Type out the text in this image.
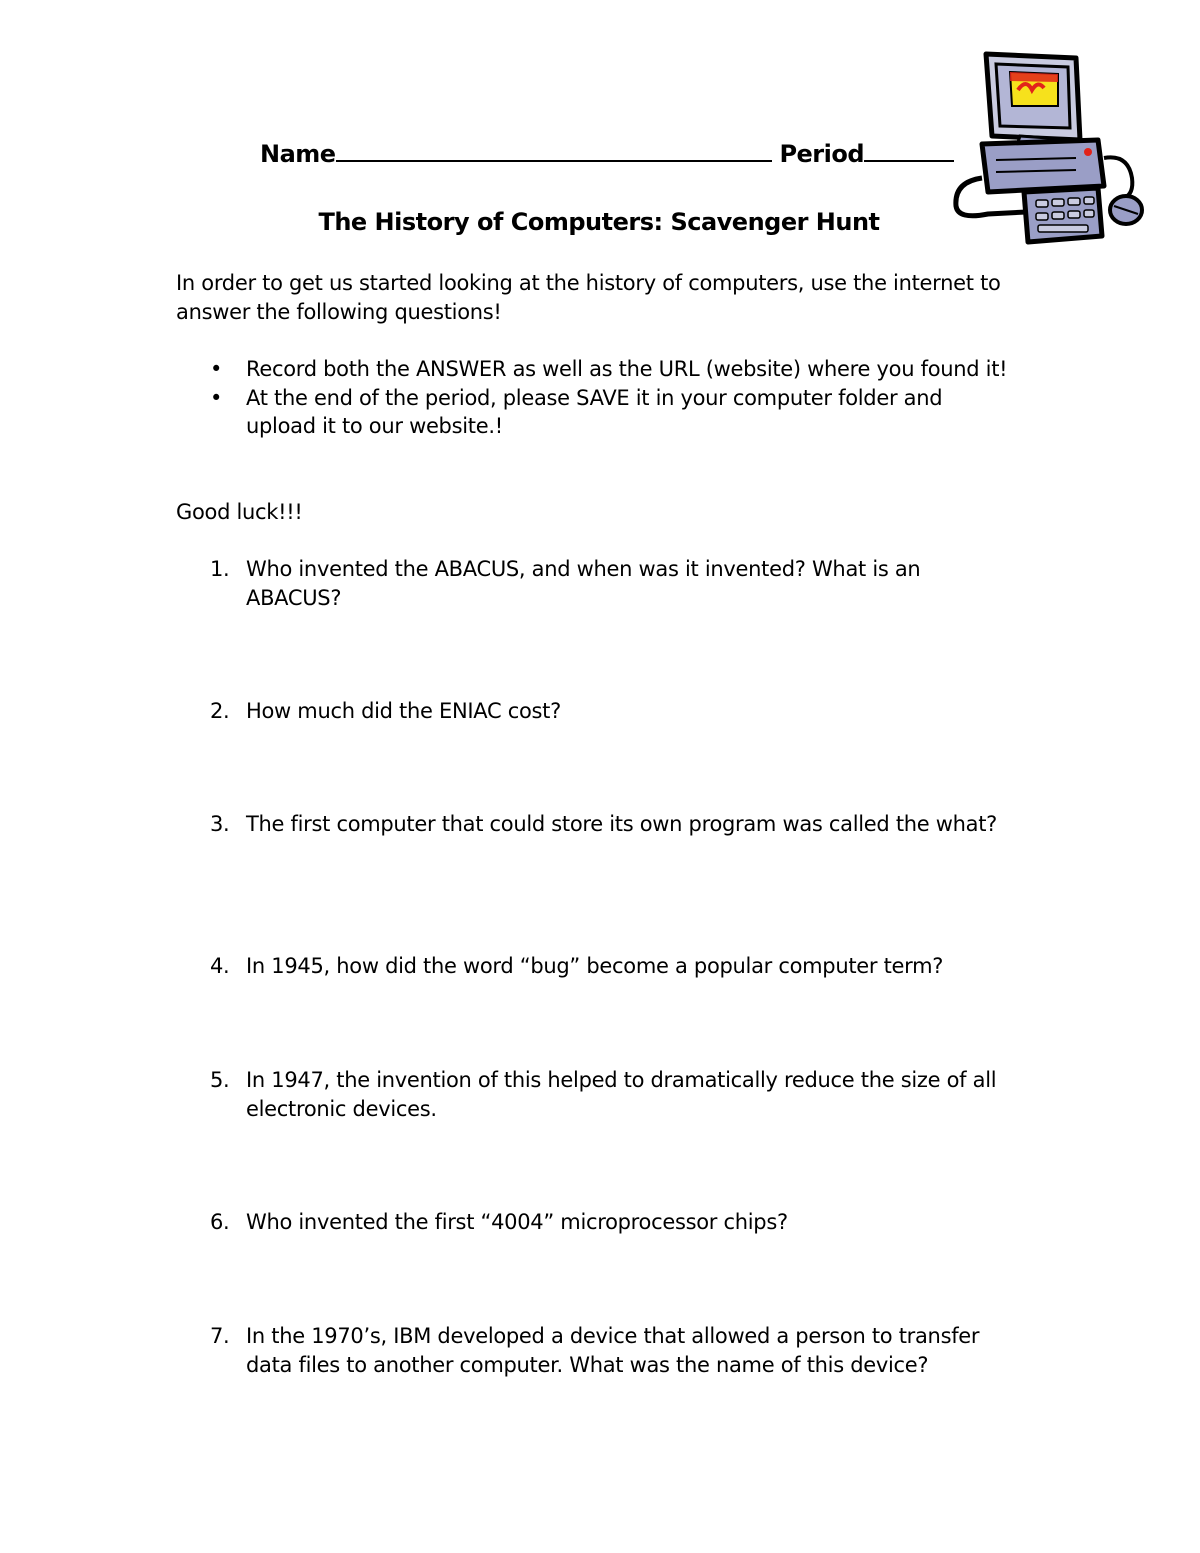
Name	Period
The History of Computers: Scavenger Hunt
In order to get us started looking at the history of computers, use the internet to answer the following questions!
• Record both the ANSWER as well as the URL (website) where you found it!
• At the end of the period, please SAVE it in your computer folder and upload it to our website.!
Good luck!!!
1. Who invented the ABACUS, and when was it invented? What is an ABACUS?
2. How much did the ENIAC cost?
3. The first computer that could store its own program was called the what?
4. In 1945, how did the word “bug” become a popular computer term?
5. In 1947, the invention of this helped to dramatically reduce the size of all electronic devices.
6. Who invented the first “4004” microprocessor chips?
7. In the 1970’s, IBM developed a device that allowed a person to transfer data files to another computer. What was the name of this device?
